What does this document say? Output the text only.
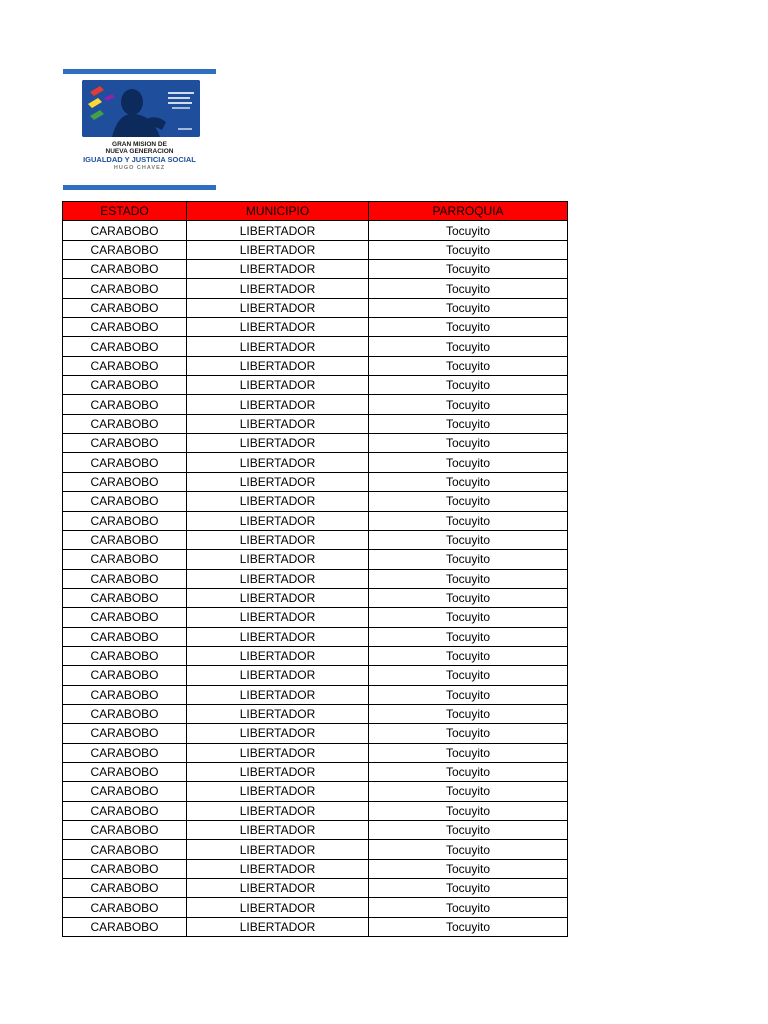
GRAN MISION DE
NUEVA GENERACION
IGUALDAD Y JUSTICIA SOCIAL
HUGO CHAVEZ
ESTADO	MUNICIPIO	PARROQUIA
CARABOBO	LIBERTADOR	Tocuyito
CARABOBO	LIBERTADOR	Tocuyito
CARABOBO	LIBERTADOR	Tocuyito
CARABOBO	LIBERTADOR	Tocuyito
CARABOBO	LIBERTADOR	Tocuyito
CARABOBO	LIBERTADOR	Tocuyito
CARABOBO	LIBERTADOR	Tocuyito
CARABOBO	LIBERTADOR	Tocuyito
CARABOBO	LIBERTADOR	Tocuyito
CARABOBO	LIBERTADOR	Tocuyito
CARABOBO	LIBERTADOR	Tocuyito
CARABOBO	LIBERTADOR	Tocuyito
CARABOBO	LIBERTADOR	Tocuyito
CARABOBO	LIBERTADOR	Tocuyito
CARABOBO	LIBERTADOR	Tocuyito
CARABOBO	LIBERTADOR	Tocuyito
CARABOBO	LIBERTADOR	Tocuyito
CARABOBO	LIBERTADOR	Tocuyito
CARABOBO	LIBERTADOR	Tocuyito
CARABOBO	LIBERTADOR	Tocuyito
CARABOBO	LIBERTADOR	Tocuyito
CARABOBO	LIBERTADOR	Tocuyito
CARABOBO	LIBERTADOR	Tocuyito
CARABOBO	LIBERTADOR	Tocuyito
CARABOBO	LIBERTADOR	Tocuyito
CARABOBO	LIBERTADOR	Tocuyito
CARABOBO	LIBERTADOR	Tocuyito
CARABOBO	LIBERTADOR	Tocuyito
CARABOBO	LIBERTADOR	Tocuyito
CARABOBO	LIBERTADOR	Tocuyito
CARABOBO	LIBERTADOR	Tocuyito
CARABOBO	LIBERTADOR	Tocuyito
CARABOBO	LIBERTADOR	Tocuyito
CARABOBO	LIBERTADOR	Tocuyito
CARABOBO	LIBERTADOR	Tocuyito
CARABOBO	LIBERTADOR	Tocuyito
CARABOBO	LIBERTADOR	Tocuyito
